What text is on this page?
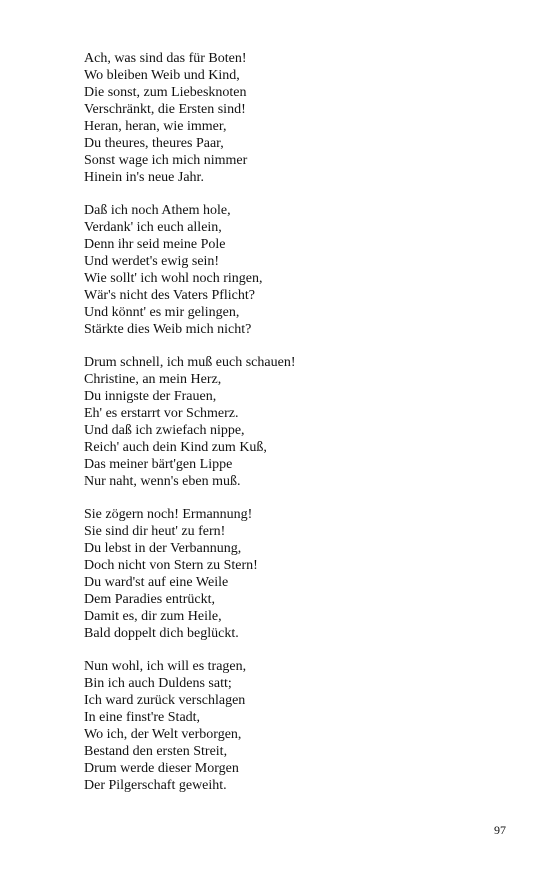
Ach, was sind das für Boten!
Wo bleiben Weib und Kind,
Die sonst, zum Liebesknoten
Verschränkt, die Ersten sind!
Heran, heran, wie immer,
Du theures, theures Paar,
Sonst wage ich mich nimmer
Hinein in's neue Jahr.
Daß ich noch Athem hole,
Verdank' ich euch allein,
Denn ihr seid meine Pole
Und werdet's ewig sein!
Wie sollt' ich wohl noch ringen,
Wär's nicht des Vaters Pflicht?
Und könnt' es mir gelingen,
Stärkte dies Weib mich nicht?
Drum schnell, ich muß euch schauen!
Christine, an mein Herz,
Du innigste der Frauen,
Eh' es erstarrt vor Schmerz.
Und daß ich zwiefach nippe,
Reich' auch dein Kind zum Kuß,
Das meiner bärt'gen Lippe
Nur naht, wenn's eben muß.
Sie zögern noch! Ermannung!
Sie sind dir heut' zu fern!
Du lebst in der Verbannung,
Doch nicht von Stern zu Stern!
Du ward'st auf eine Weile
Dem Paradies entrückt,
Damit es, dir zum Heile,
Bald doppelt dich beglückt.
Nun wohl, ich will es tragen,
Bin ich auch Duldens satt;
Ich ward zurück verschlagen
In eine finst're Stadt,
Wo ich, der Welt verborgen,
Bestand den ersten Streit,
Drum werde dieser Morgen
Der Pilgerschaft geweiht.
97
